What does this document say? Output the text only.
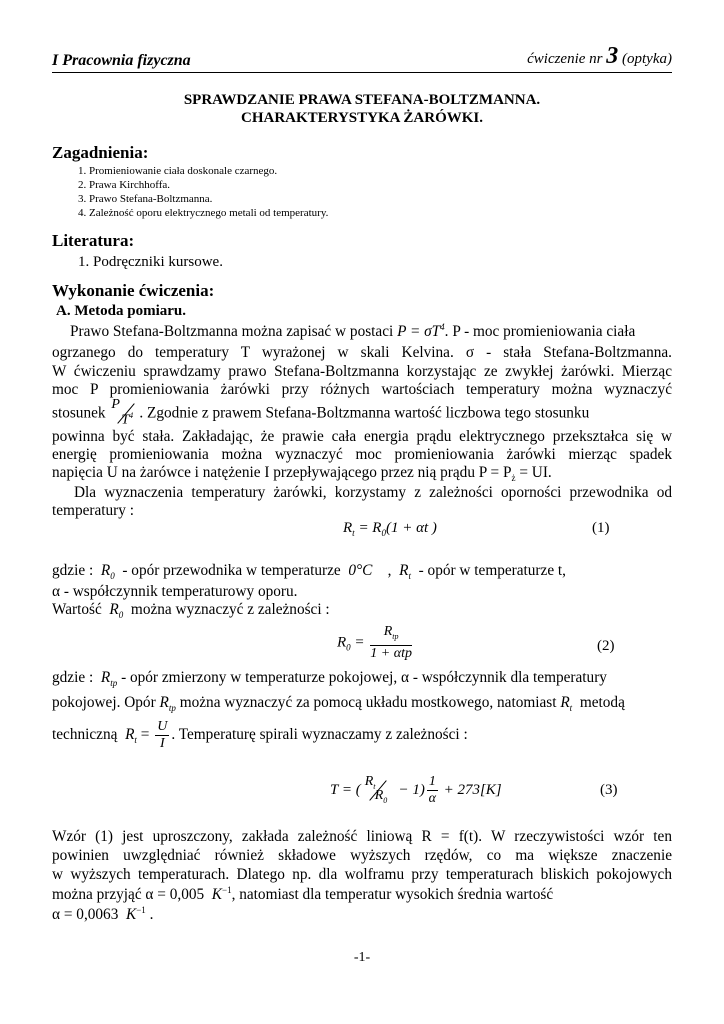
I Pracownia fizyczna	ćwiczenie nr 3 (optyka)
SPRAWDZANIE PRAWA STEFANA-BOLTZMANNA.
CHARAKTERYSTYKA ŻARÓWKI.
Zagadnienia:
1. Promieniowanie ciała doskonale czarnego.
2. Prawa Kirchhoffa.
3. Prawo Stefana-Boltzmanna.
4. Zależność oporu elektrycznego metali od temperatury.
Literatura:
1. Podręczniki kursowe.
Wykonanie ćwiczenia:
A. Metoda pomiaru.
Prawo Stefana-Boltzmanna można zapisać w postaci $P = \sigma T^4$. P - moc promieniowania ciała
ogrzanego do temperatury T wyrażonej w skali Kelvina. σ - stała Stefana-Boltzmanna.
W ćwiczeniu sprawdzamy prawo Stefana-Boltzmanna korzystając ze zwykłej żarówki. Mierząc
moc P promieniowania żarówki przy różnych wartościach temperatury można wyznaczyć
stosunek
P
$T^4$ . Zgodnie z prawem Stefana-Boltzmanna wartość liczbowa tego stosunku
powinna być stała. Zakładając, że prawie cała energia prądu elektrycznego przekształca się w
energię promieniowania można wyznaczyć moc promieniowania żarówki mierząc spadek
napięcia U na żarówce i natężenie I przepływającego przez nią prądu $P = P_ż$ = UI.
Dla wyznaczenia temperatury żarówki, korzystamy z zależności oporności przewodnika od
temperatury :
$R_t = R_0(1 + \alpha t$ )	(1)
gdzie : $R_0$ - opór przewodnika w temperaturze 0°C , $R_t$ - opór w temperaturze t,
α - współczynnik temperaturowy oporu.
Wartość $R_0$ można wyznaczyć z zależności :
$R_0 = \frac{R_{tp}}{\text{1 + αtp}}$	(2)
gdzie : $R_{tp}$ - opór zmierzony w temperaturze pokojowej, α - współczynnik dla temperatury
pokojowej. Opór $R_{tp}$ można wyznaczyć za pomocą układu mostkowego, natomiast $R_t$ metodą
techniczną $R_t = \frac{U}{I}$ . Temperaturę spirali wyznaczamy z zależności :
T = (
$R_t$
$R_0$
− $1) \frac{1}{\alpha} + 273[K]$	(3)
Wzór (1) jest uproszczony, zakłada zależność liniową R = f(t). W rzeczywistości wzór ten
powinien uwzględniać również składowe wyższych rzędów, co ma większe znaczenie
w wyższych temperaturach. Dlatego np. dla wolframu przy temperaturach bliskich pokojowych
można przyjąć α = 0,005 $K^{-1}$, natomiast dla temperatur wysokich średnia wartość
α = 0,0063 $K^{-1}$ .
-1-
